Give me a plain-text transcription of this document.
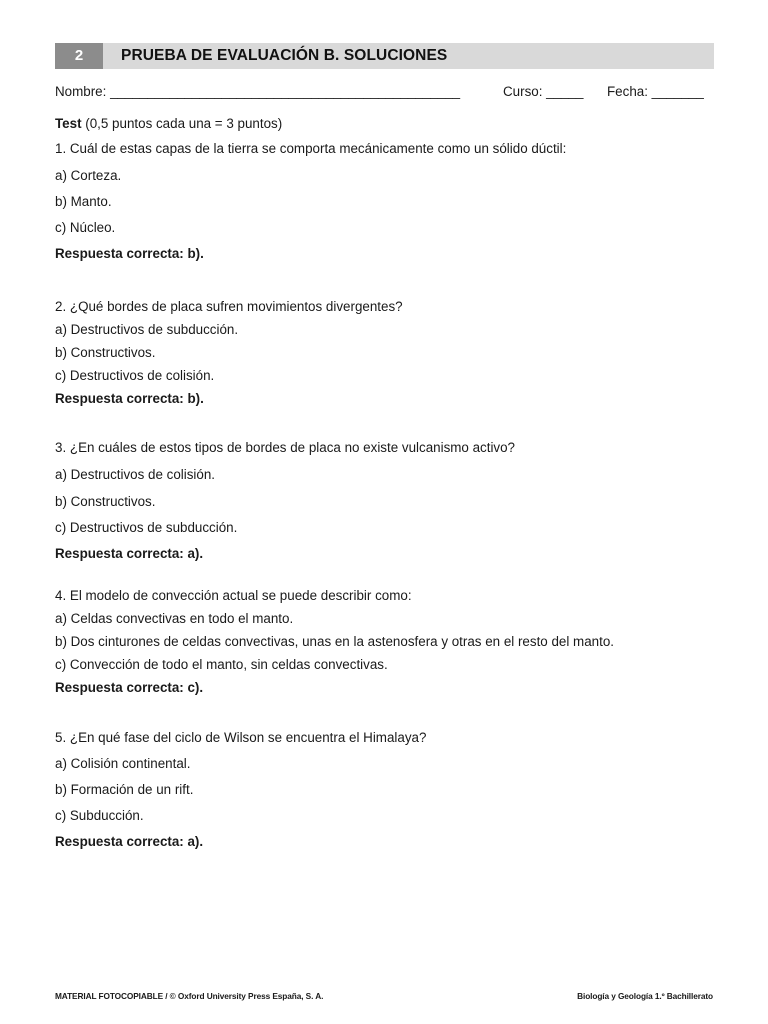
2	PRUEBA DE EVALUACIÓN B. SOLUCIONES
Nombre: _______________________________________________	Curso: _____ Fecha: _______
Test (0,5 puntos cada una = 3 puntos)
1. Cuál de estas capas de la tierra se comporta mecánicamente como un sólido dúctil:
a) Corteza.
b) Manto.
c) Núcleo.
Respuesta correcta: b).
2. ¿Qué bordes de placa sufren movimientos divergentes?
a) Destructivos de subducción.
b) Constructivos.
c) Destructivos de colisión.
Respuesta correcta: b).
3. ¿En cuáles de estos tipos de bordes de placa no existe vulcanismo activo?
a) Destructivos de colisión.
b) Constructivos.
c) Destructivos de subducción.
Respuesta correcta: a).
4. El modelo de convección actual se puede describir como:
a) Celdas convectivas en todo el manto.
b) Dos cinturones de celdas convectivas, unas en la astenosfera y otras en el resto del manto.
c) Convección de todo el manto, sin celdas convectivas.
Respuesta correcta: c).
5. ¿En qué fase del ciclo de Wilson se encuentra el Himalaya?
a) Colisión continental.
b) Formación de un rift.
c) Subducción.
Respuesta correcta: a).
MATERIAL FOTOCOPIABLE / © Oxford University Press España, S. A.	Biología y Geología 1.º Bachillerato
